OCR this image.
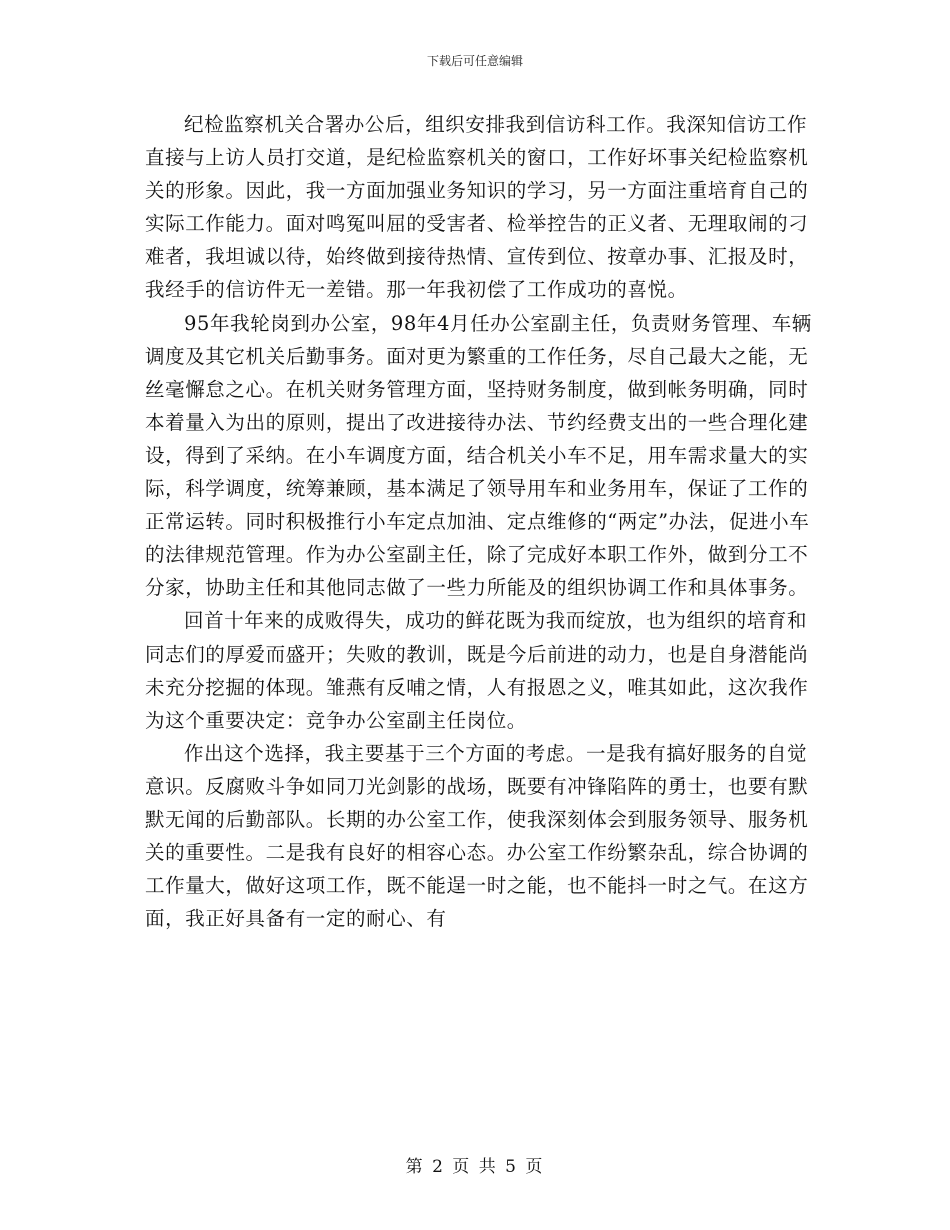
下载后可任意编辑

纪检监察机关合署办公后，组织安排我到信访科工作。我深知信访工作直接与上访人员打交道，是纪检监察机关的窗口，工作好坏事关纪检监察机关的形象。因此，我一方面加强业务知识的学习，另一方面注重培育自己的实际工作能力。面对鸣冤叫屈的受害者、检举控告的正义者、无理取闹的刁难者，我坦诚以待，始终做到接待热情、宣传到位、按章办事、汇报及时，我经手的信访件无一差错。那一年我初偿了工作成功的喜悦。

95年我轮岗到办公室，98年4月任办公室副主任，负责财务管理、车辆调度及其它机关后勤事务。面对更为繁重的工作任务，尽自己最大之能，无丝毫懈怠之心。在机关财务管理方面，坚持财务制度，做到帐务明确，同时本着量入为出的原则，提出了改进接待办法、节约经费支出的一些合理化建设，得到了采纳。在小车调度方面，结合机关小车不足，用车需求量大的实际，科学调度，统筹兼顾，基本满足了领导用车和业务用车，保证了工作的正常运转。同时积极推行小车定点加油、定点维修的“两定”办法，促进小车的法律规范管理。作为办公室副主任，除了完成好本职工作外，做到分工不分家，协助主任和其他同志做了一些力所能及的组织协调工作和具体事务。

回首十年来的成败得失，成功的鲜花既为我而绽放，也为组织的培育和同志们的厚爱而盛开；失败的教训，既是今后前进的动力，也是自身潜能尚未充分挖掘的体现。雏燕有反哺之情，人有报恩之义，唯其如此，这次我作为这个重要决定：竞争办公室副主任岗位。

作出这个选择，我主要基于三个方面的考虑。一是我有搞好服务的自觉意识。反腐败斗争如同刀光剑影的战场，既要有冲锋陷阵的勇士，也要有默默无闻的后勤部队。长期的办公室工作，使我深刻体会到服务领导、服务机关的重要性。二是我有良好的相容心态。办公室工作纷繁杂乱，综合协调的工作量大，做好这项工作，既不能逞一时之能，也不能抖一时之气。在这方面，我正好具备有一定的耐心、有

第 2 页 共 5 页
